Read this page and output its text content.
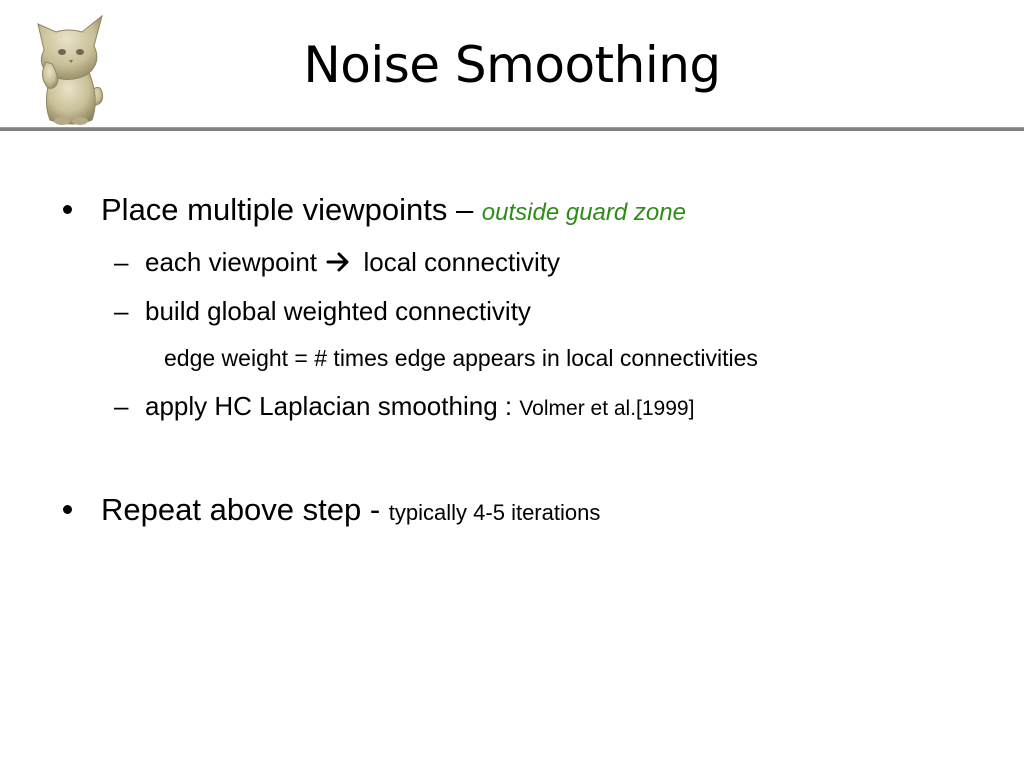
Noise Smoothing
Place multiple viewpoints – outside guard zone
– each viewpoint  local connectivity
– build global weighted connectivity
edge weight = # times edge appears in local connectivities
– apply HC Laplacian smoothing : Volmer et al.[1999]
Repeat above step - typically 4-5 iterations
